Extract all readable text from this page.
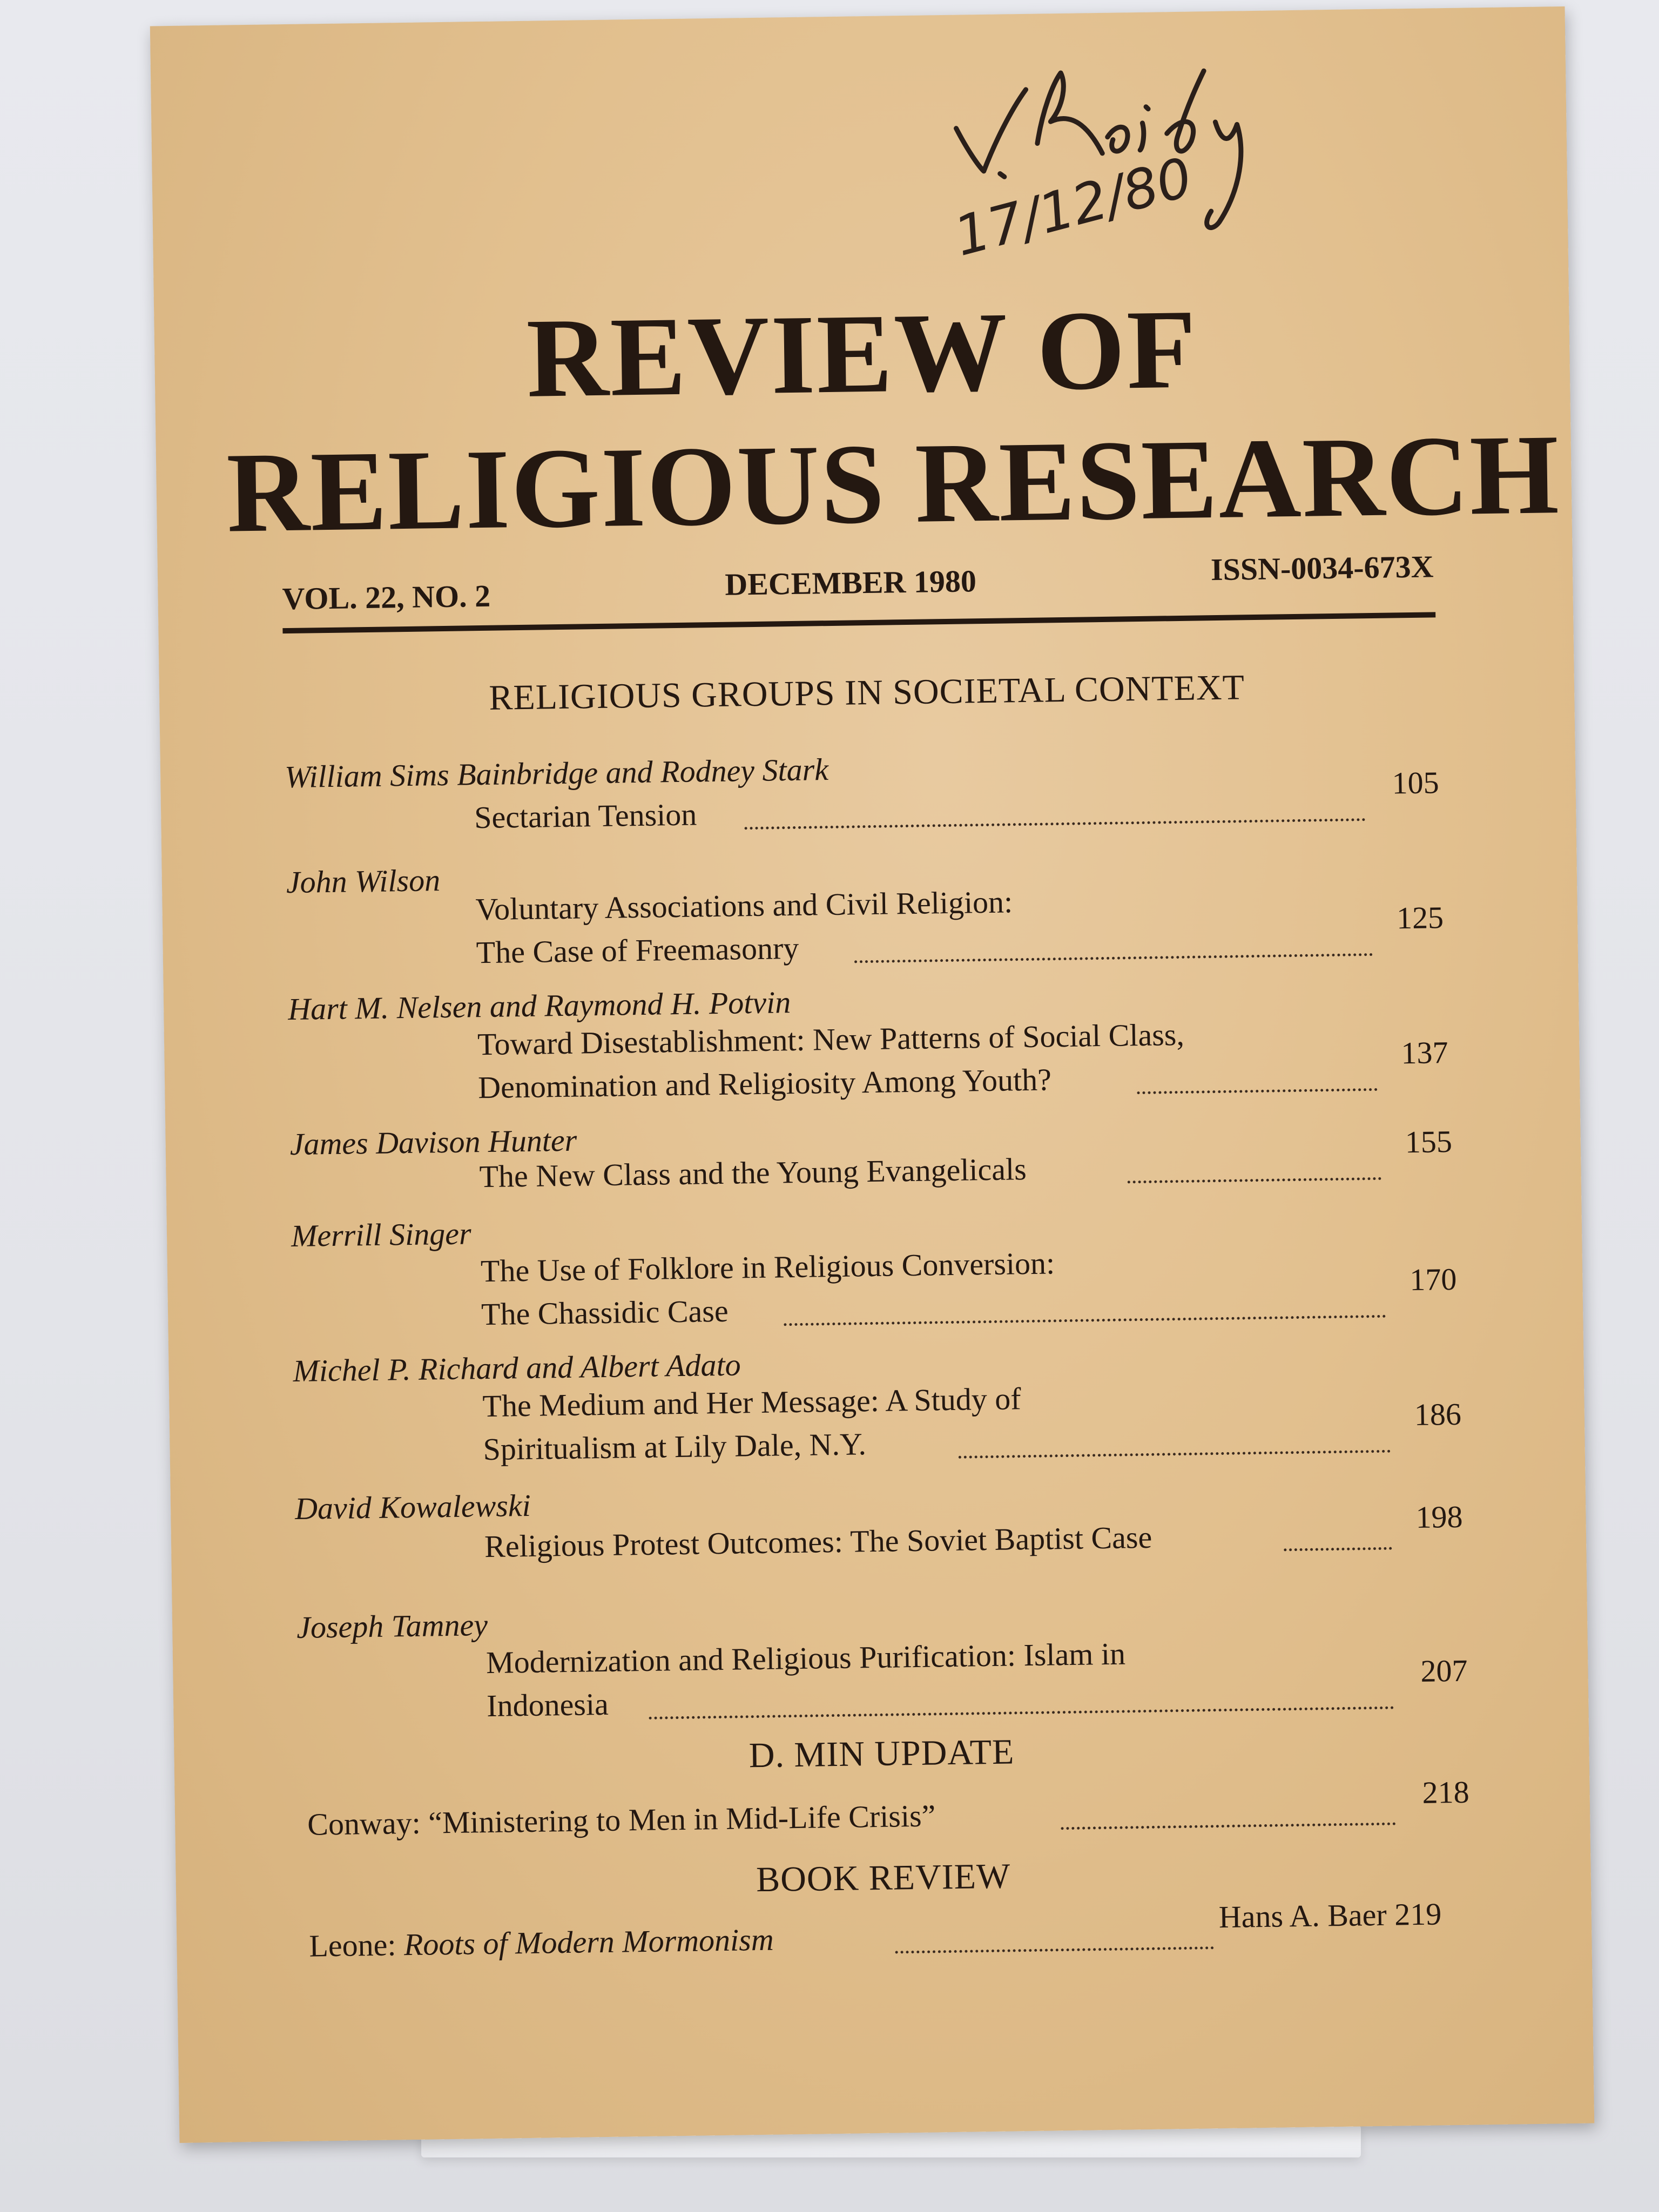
17/12/80
REVIEW OF
RELIGIOUS RESEARCH
VOL. 22, NO. 2	DECEMBER 1980	ISSN-0034-673X
RELIGIOUS GROUPS IN SOCIETAL CONTEXT
William Sims Bainbridge and Rodney Stark
Sectarian Tension
105
John Wilson
Voluntary Associations and Civil Religion:
The Case of Freemasonry
125
Hart M. Nelsen and Raymond H. Potvin
Toward Disestablishment: New Patterns of Social Class,
Denomination and Religiosity Among Youth?
137
James Davison Hunter
The New Class and the Young Evangelicals
155
Merrill Singer
The Use of Folklore in Religious Conversion:
The Chassidic Case
170
Michel P. Richard and Albert Adato
The Medium and Her Message: A Study of
Spiritualism at Lily Dale, N.Y.
186
David Kowalewski
Religious Protest Outcomes: The Soviet Baptist Case
198
Joseph Tamney
Modernization and Religious Purification: Islam in
Indonesia
207
D. MIN UPDATE
Conway: “Ministering to Men in Mid-Life Crisis”
218
BOOK REVIEW
Leone: Roots of Modern Mormonism
Hans A. Baer 219
